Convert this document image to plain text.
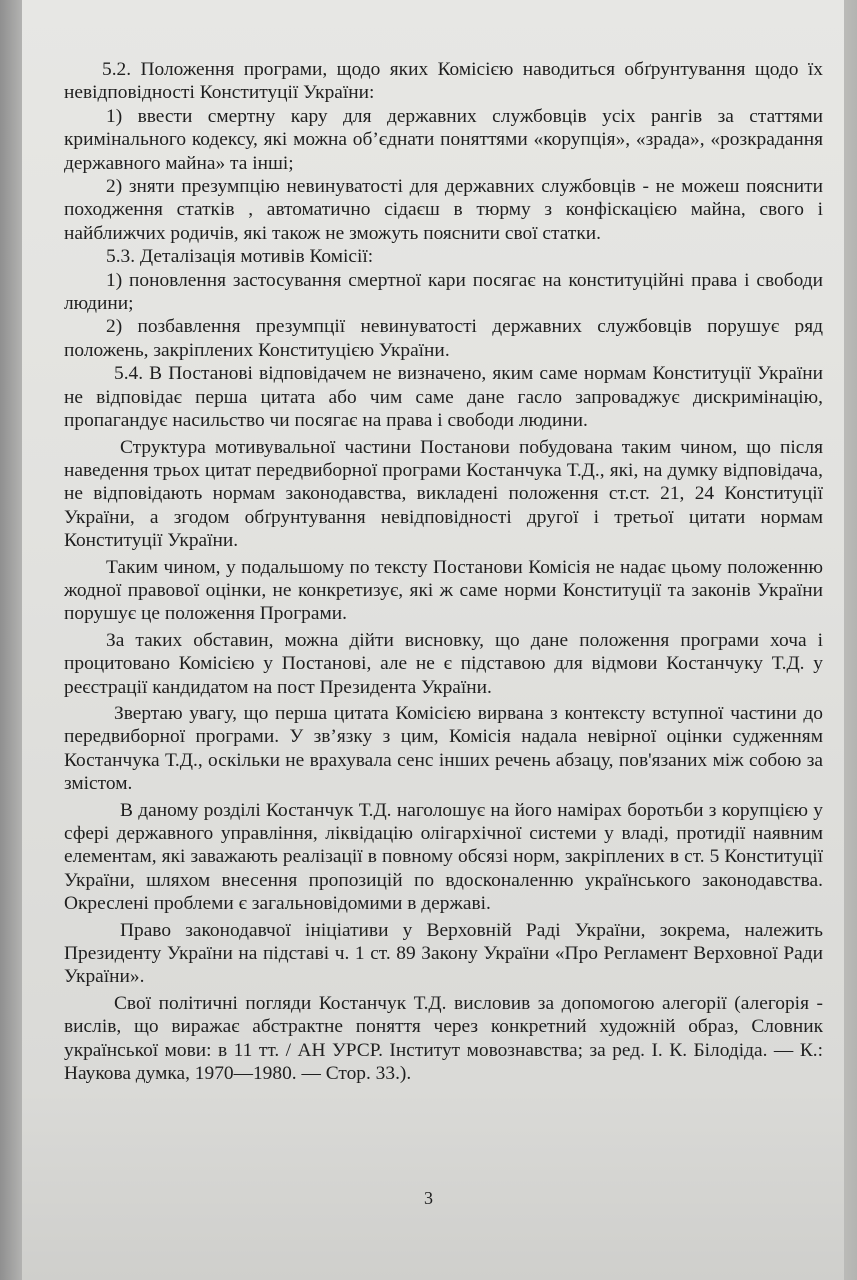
5.2. Положення програми, щодо яких Комісією наводиться обґрунтування щодо їх невідповідності Конституції України:

1) ввести смертну кару для державних службовців усіх рангів за статтями кримінального кодексу, які можна об’єднати поняттями «корупція», «зрада», «розкрадання державного майна» та інші;

2) зняти презумпцію невинуватості для державних службовців - не можеш пояснити походження статків , автоматично сідаєш в тюрму з конфіскацією майна, свого і найближчих родичів, які також не зможуть пояснити свої статки.

5.3. Деталізація мотивів Комісії:

1) поновлення застосування смертної кари посягає на конституційні права і свободи людини;

2) позбавлення презумпції невинуватості державних службовців порушує ряд положень, закріплених Конституцією України.

5.4. В Постанові відповідачем не визначено, яким саме нормам Конституції України не відповідає перша цитата або чим саме дане гасло запроваджує дискримінацію, пропагандує насильство чи посягає на права і свободи людини.

Структура мотивувальної частини Постанови побудована таким чином, що після наведення трьох цитат передвиборної програми Костанчука Т.Д., які, на думку відповідача, не відповідають нормам законодавства, викладені положення ст.ст. 21, 24 Конституції України, а згодом обґрунтування невідповідності другої і третьої цитати нормам Конституції України.

Таким чином, у подальшому по тексту Постанови Комісія не надає цьому положенню жодної правової оцінки, не конкретизує, які ж саме норми Конституції та законів України порушує це положення Програми.

За таких обставин, можна дійти висновку, що дане положення програми хоча і процитовано Комісією у Постанові, але не є підставою для відмови Костанчуку Т.Д. у реєстрації кандидатом на пост Президента України.

Звертаю увагу, що перша цитата Комісією вирвана з контексту вступної частини до передвиборної програми. У зв’язку з цим, Комісія надала невірної оцінки судженням Костанчука Т.Д., оскільки не врахувала сенс інших речень абзацу, пов'язаних між собою за змістом.

В даному розділі Костанчук Т.Д. наголошує на його намірах боротьби з корупцією у сфері державного управління, ліквідацію олігархічної системи у владі, протидії наявним елементам, які заважають реалізації в повному обсязі норм, закріплених в ст. 5 Конституції України, шляхом внесення пропозицій по вдосконаленню українського законодавства. Окреслені проблеми є загальновідомими в державі.

Право законодавчої ініціативи у Верховній Раді України, зокрема, належить Президенту України на підставі ч. 1 ст. 89 Закону України «Про Регламент Верховної Ради України».

Свої політичні погляди Костанчук Т.Д. висловив за допомогою алегорії (алегорія - вислів, що виражає абстрактне поняття через конкретний художній образ, Словник української мови: в 11 тт. / АН УРСР. Інститут мовознавства; за ред. І. К. Білодіда. — К.: Наукова думка, 1970—1980. — Стор. 33.).

3
